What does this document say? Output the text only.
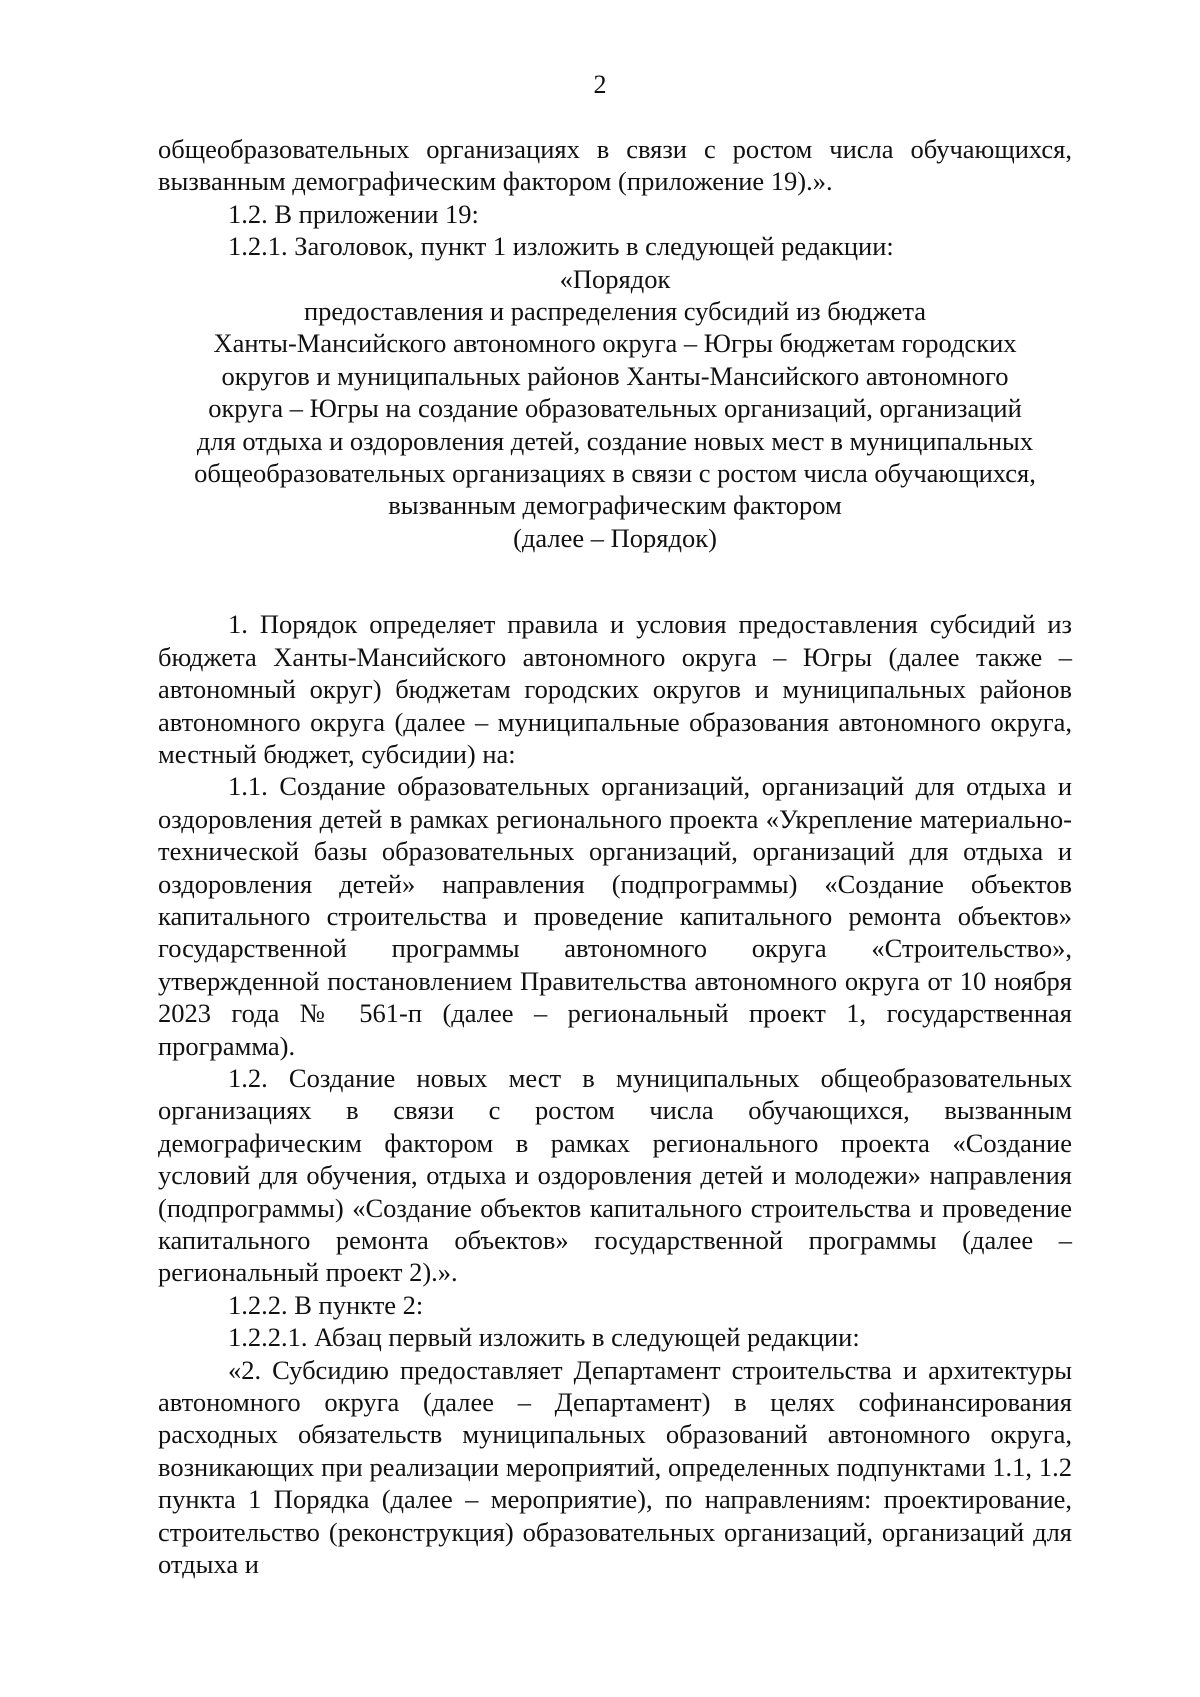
2

общеобразовательных организациях в связи с ростом числа обучающихся, вызванным демографическим фактором (приложение 19).».

1.2. В приложении 19:

1.2.1. Заголовок, пункт 1 изложить в следующей редакции:

«Порядок

предоставления и распределения субсидий из бюджета

Ханты-Мансийского автономного округа – Югры бюджетам городских

округов и муниципальных районов Ханты-Мансийского автономного

округа – Югры на создание образовательных организаций, организаций

для отдыха и оздоровления детей, создание новых мест в муниципальных

общеобразовательных организациях в связи с ростом числа обучающихся,

вызванным демографическим фактором

(далее – Порядок)

1. Порядок определяет правила и условия предоставления субсидий из бюджета Ханты-Мансийского автономного округа – Югры (далее также – автономный округ) бюджетам городских округов и муниципальных районов автономного округа (далее – муниципальные образования автономного округа, местный бюджет, субсидии) на:

1.1. Создание образовательных организаций, организаций для отдыха и оздоровления детей в рамках регионального проекта «Укрепление материально-технической базы образовательных организаций, организаций для отдыха и оздоровления детей» направления (подпрограммы) «Создание объектов капитального строительства и проведение капитального ремонта объектов» государственной программы автономного округа «Строительство», утвержденной постановлением Правительства автономного округа от 10 ноября 2023 года № 561-п (далее – региональный проект 1, государственная программа).

1.2. Создание новых мест в муниципальных общеобразовательных организациях в связи с ростом числа обучающихся, вызванным демографическим фактором в рамках регионального проекта «Создание условий для обучения, отдыха и оздоровления детей и молодежи» направления (подпрограммы) «Создание объектов капитального строительства и проведение капитального ремонта объектов» государственной программы (далее – региональный проект 2).».

1.2.2. В пункте 2:

1.2.2.1. Абзац первый изложить в следующей редакции:

«2. Субсидию предоставляет Департамент строительства и архитектуры автономного округа (далее – Департамент) в целях софинансирования расходных обязательств муниципальных образований автономного округа, возникающих при реализации мероприятий, определенных подпунктами 1.1, 1.2 пункта 1 Порядка (далее – мероприятие), по направлениям: проектирование, строительство (реконструкция) образовательных организаций, организаций для отдыха и
